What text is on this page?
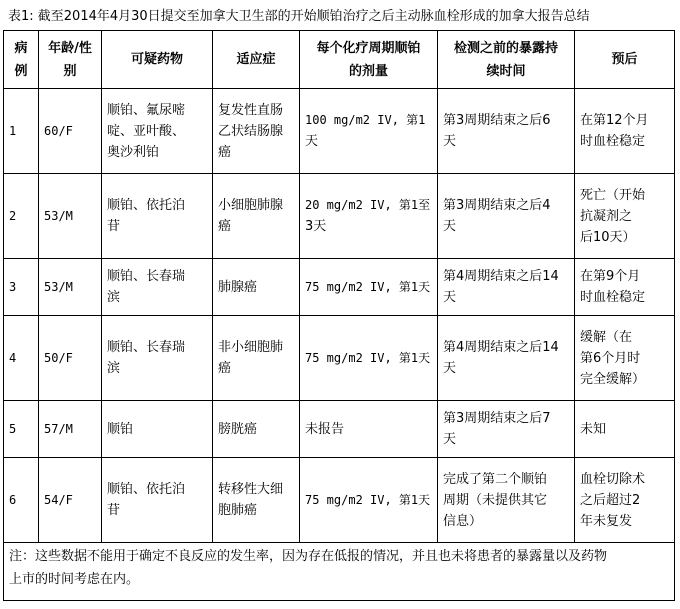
表1: 截至2014年4月30日提交至加拿大卫生部的开始顺铂治疗之后主动脉血栓形成的加拿大报告总结
病
例	年龄/性
别	可疑药物	适应症	每个化疗周期顺铂
的剂量	检测之前的暴露持
续时间	预后

1	60/F	顺铂、氟尿嘧
啶、亚叶酸、
奥沙利铂	复发性直肠
乙状结肠腺
癌	100 mg/m2 IV, 第1
天	第3周期结束之后6
天	在第12个月
时血栓稳定

2	53/M	顺铂、依托泊
苷	小细胞肺腺
癌	20 mg/m2 IV, 第1至
3天	第3周期结束之后4
天	死亡（开始
抗凝剂之
后10天）

3	53/M	顺铂、长春瑞
滨	肺腺癌	75 mg/m2 IV, 第1天	第4周期结束之后14
天	在第9个月
时血栓稳定

4	50/F	顺铂、长春瑞
滨	非小细胞肺
癌	75 mg/m2 IV, 第1天	第4周期结束之后14
天	缓解（在
第6个月时
完全缓解）

5	57/M	顺铂	膀胱癌	未报告	第3周期结束之后7
天	未知

6	54/F	顺铂、依托泊
苷	转移性大细
胞肺癌	75 mg/m2 IV, 第1天	完成了第二个顺铂
周期（未提供其它
信息）	血栓切除术
之后超过2
年未复发

注：这些数据不能用于确定不良反应的发生率，因为存在低报的情况，并且也未将患者的暴露量以及药物
上市的时间考虑在内。						
